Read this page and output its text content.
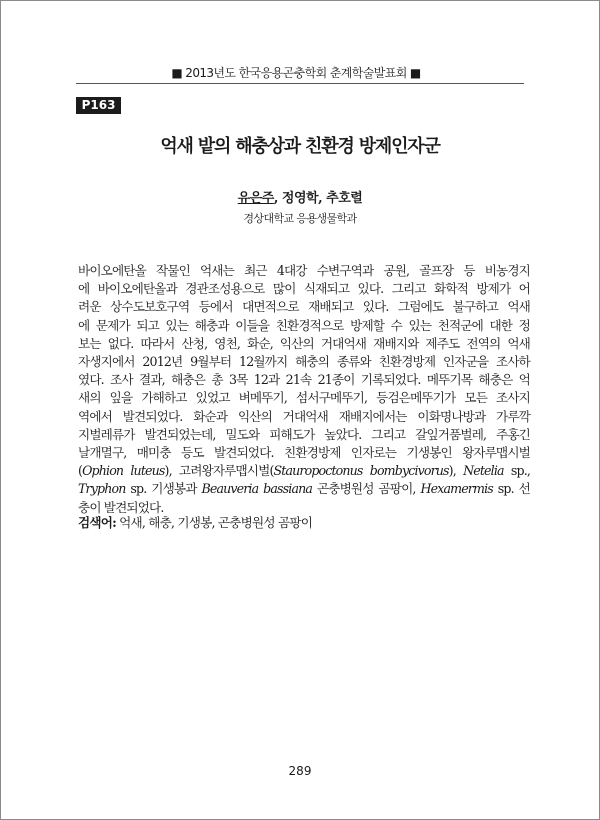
■ 2013년도 한국응용곤충학회 춘계학술발표회 ■
P163
억새 밭의 해충상과 친환경 방제인자군
유은주, 정영학, 추호렬
경상대학교 응용생물학과
바이오에탄올 작물인 억새는 최근 4대강 수변구역과 공원, 골프장 등 비농경지
에 바이오에탄올과 경관조성용으로 많이 식재되고 있다. 그리고 화학적 방제가 어
려운 상수도보호구역 등에서 대면적으로 재배되고 있다. 그럼에도 불구하고 억새
에 문제가 되고 있는 해충과 이들을 친환경적으로 방제할 수 있는 천적군에 대한 정
보는 없다. 따라서 산청, 영천, 화순, 익산의 거대억새 재배지와 제주도 전역의 억새
자생지에서 2012년 9월부터 12월까지 해충의 종류와 친환경방제 인자군을 조사하
였다. 조사 결과, 해충은 총 3목 12과 21속 21종이 기록되었다. 메뚜기목 해충은 억
새의 잎을 가해하고 있었고 벼메뚜기, 섬서구메뚜기, 등검은메뚜기가 모든 조사지
역에서 발견되었다. 화순과 익산의 거대억새 재배지에서는 이화명나방과 가루깍
지벌레류가 발견되었는데, 밀도와 피해도가 높았다. 그리고 갈잎거품벌레, 주홍긴
날개멸구, 매미충 등도 발견되었다. 친환경방제 인자로는 기생봉인 왕자루맵시벌
(Ophion luteus), 고려왕자루맵시벌(Stauropoctonus bombycivorus), Netelia sp.,
Tryphon sp. 기생봉과 Beauveria bassiana 곤충병원성 곰팡이, Hexamermis sp. 선
충이 발견되었다.
검색어: 억새, 해충, 기생봉, 곤충병원성 곰팡이
289
